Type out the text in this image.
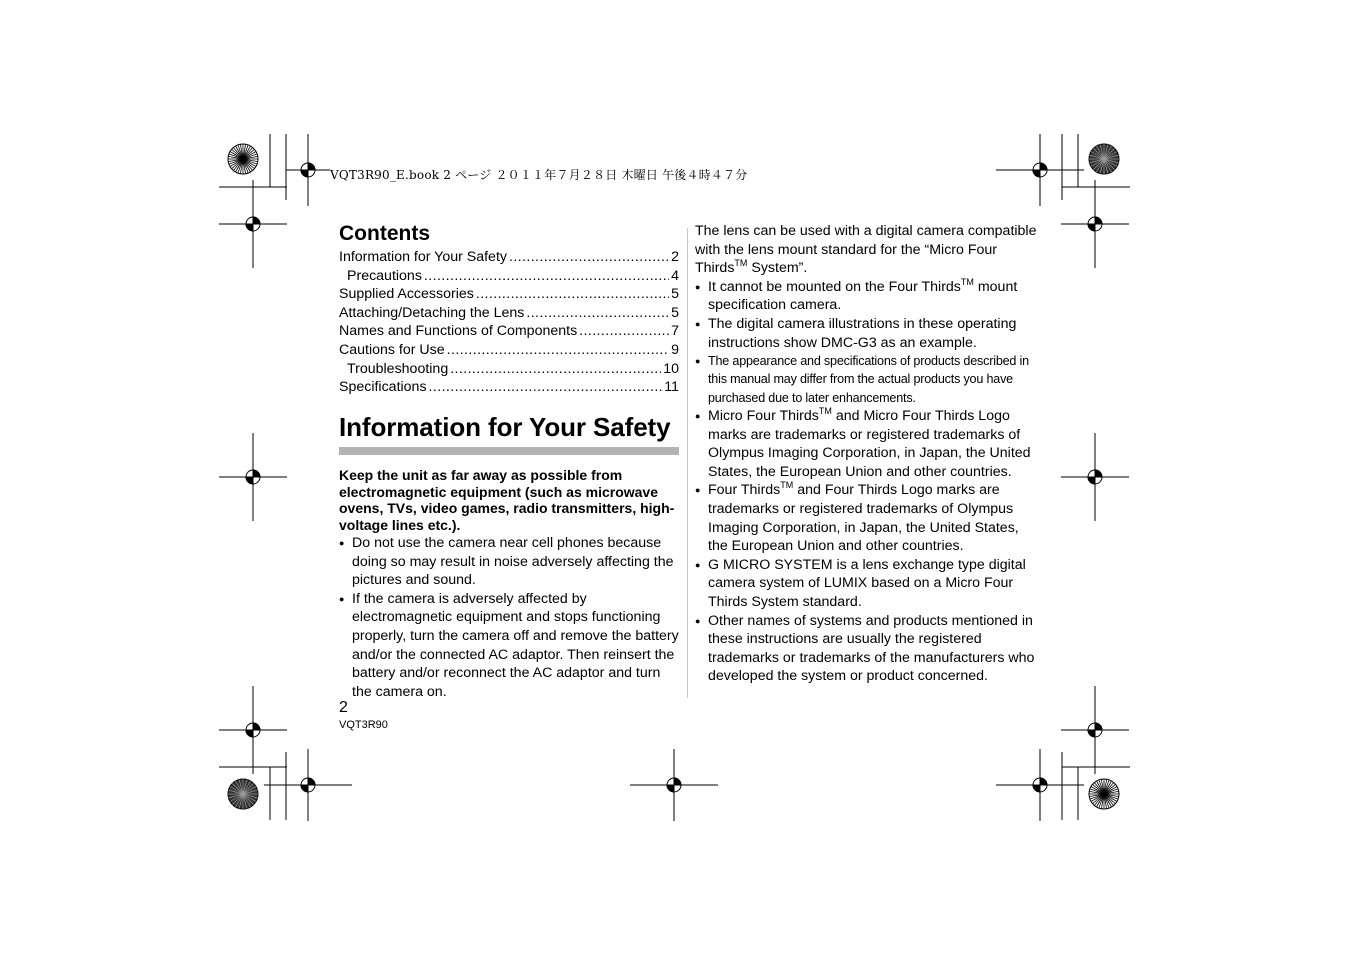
VQT3R90_E.book 2 ページ ２０１１年７月２８日 木曜日 午後４時４７分
Contents
Information for Your Safety .....	2
Precautions .....	4
Supplied Accessories .....	5
Attaching/Detaching the Lens .....	5
Names and Functions of Components .....	7
Cautions for Use .....	9
Troubleshooting .....	10
Specifications .....	11
Information for Your Safety
Keep the unit as far away as possible from electromagnetic equipment (such as microwave ovens, TVs, video games, radio transmitters, high-voltage lines etc.).
● Do not use the camera near cell phones because doing so may result in noise adversely affecting the pictures and sound.
● If the camera is adversely affected by electromagnetic equipment and stops functioning properly, turn the camera off and remove the battery and/or the connected AC adaptor. Then reinsert the battery and/or reconnect the AC adaptor and turn the camera on.
The lens can be used with a digital camera compatible with the lens mount standard for the “Micro Four Thirds™ System”.
● It cannot be mounted on the Four Thirds™ mount specification camera.
● The digital camera illustrations in these operating instructions show DMC-G3 as an example.
● The appearance and specifications of products described in this manual may differ from the actual products you have purchased due to later enhancements.
● Micro Four Thirds™ and Micro Four Thirds Logo marks are trademarks or registered trademarks of Olympus Imaging Corporation, in Japan, the United States, the European Union and other countries.
● Four Thirds™ and Four Thirds Logo marks are trademarks or registered trademarks of Olympus Imaging Corporation, in Japan, the United States, the European Union and other countries.
● G MICRO SYSTEM is a lens exchange type digital camera system of LUMIX based on a Micro Four Thirds System standard.
● Other names of systems and products mentioned in these instructions are usually the registered trademarks or trademarks of the manufacturers who developed the system or product concerned.
2
VQT3R90
